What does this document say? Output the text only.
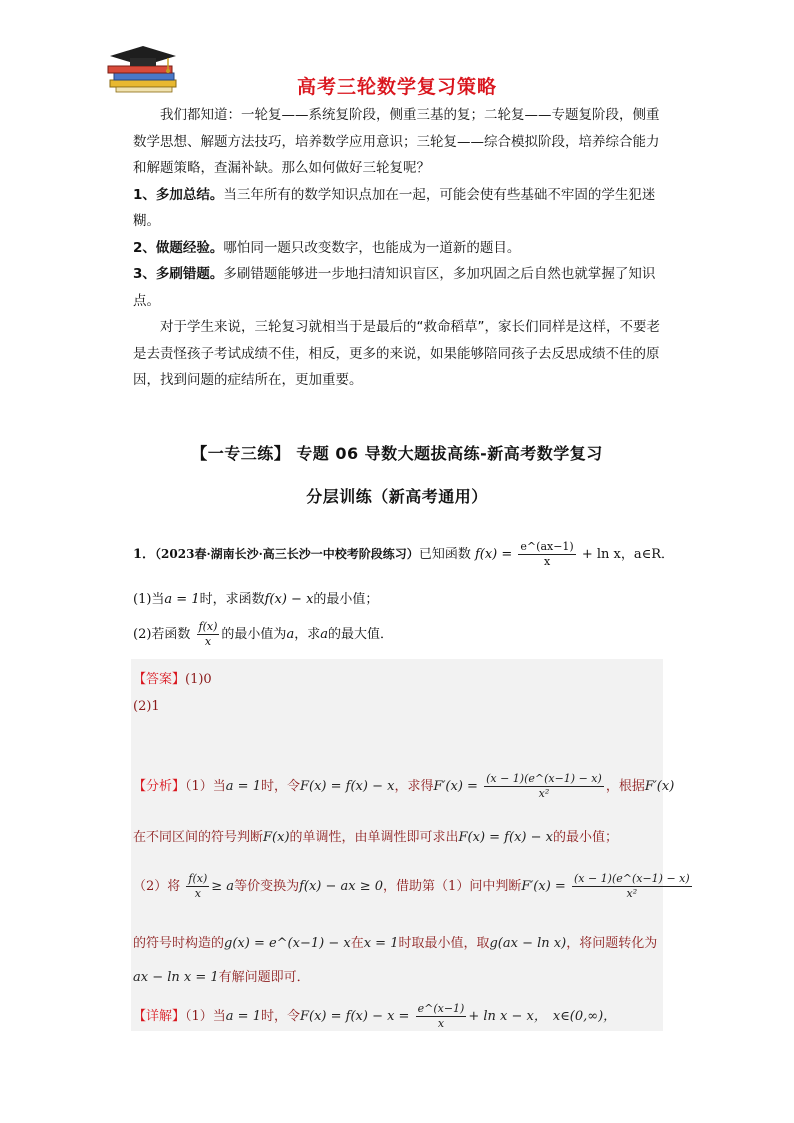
高考三轮数学复习策略

我们都知道：一轮复——系统复阶段，侧重三基的复；二轮复——专题复阶段，侧重数学思想、解题方法技巧，培养数学应用意识；三轮复——综合模拟阶段，培养综合能力和解题策略，查漏补缺。那么如何做好三轮复呢？

1、多加总结。当三年所有的数学知识点加在一起，可能会使有些基础不牢固的学生犯迷糊。

2、做题经验。哪怕同一题只改变数字，也能成为一道新的题目。

3、多刷错题。多刷错题能够进一步地扫清知识盲区，多加巩固之后自然也就掌握了知识点。

对于学生来说，三轮复习就相当于是最后的“救命稻草”，家长们同样是这样，不要老是去责怪孩子考试成绩不佳，相反，更多的来说，如果能够陪同孩子去反思成绩不佳的原因，找到问题的症结所在，更加重要。

【一专三练】 专题 06 导数大题拔高练-新高考数学复习
分层训练（新高考通用）
1．（2023春·湖南长沙·高三长沙一中校考阶段练习）已知函数 $f(x) = \frac{e\^{}(ax-1)}{x} + \ln x$，a∈R．
(1)当a = 1时，求函数f(x) − x的最小值；
(2)若函数 $\frac{f(x)}{x}$ 的最小值为a，求a的最大值．
【答案】(1)0
(2)1
【分析】（1）当a = 1时，令F(x) = f(x) − x，求得$F'(x) = \frac{(x - 1)(e\^{}(x-1) - x)}{\text{x²}}$ ，根据F′(x)
在不同区间的符号判断F(x)的单调性，由单调性即可求出F(x) = f(x) − x的最小值；
（2）将 $\frac{f(x)}{x} \ge a$等价变换为f(x) − ax ≥ 0，借助第（1）问中判断$F'(x) = \frac{(x - 1)(e\^{}(x-1) - x)}{\text{x²}}$
的符号时构造的g(x) = e^(x−1) − x在x = 1时取最小值，取g(ax − ln x)，将问题转化为
ax − ln x = 1有解问题即可．
【详解】（1）当a = 1时，令$F(x) = f(x) - x = \frac{e\^{}(x-1)}{x} + \ln x - x$， x∈(0,∞)，
